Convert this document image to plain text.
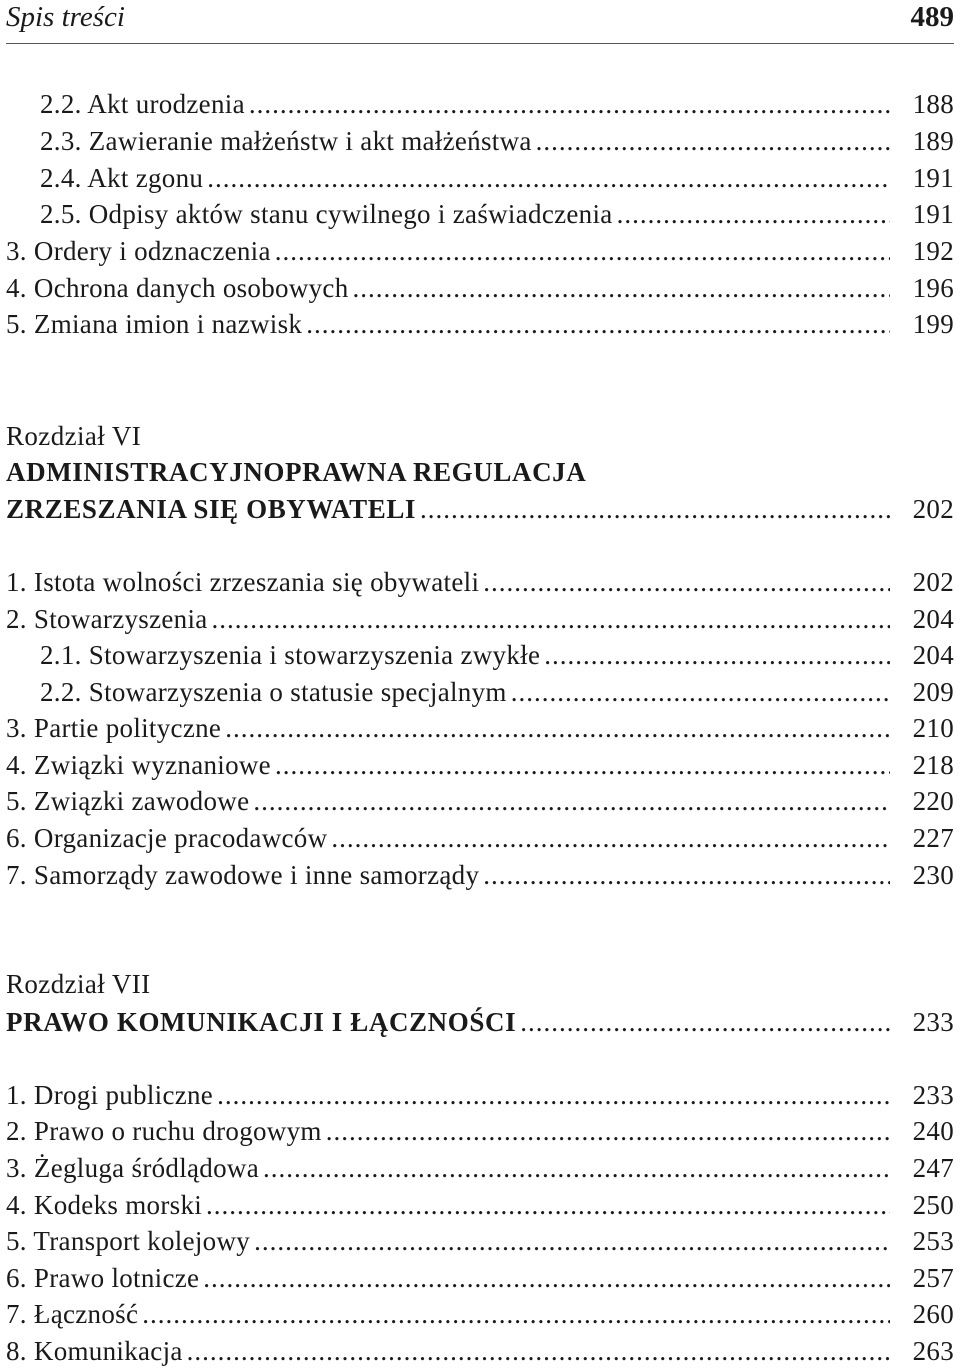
Spis treści	489
2.2. Akt urodzenia .....	188
2.3. Zawieranie małżeństw i akt małżeństwa .....	189
2.4. Akt zgonu .....	191
2.5. Odpisy aktów stanu cywilnego i zaświadczenia .....	191
3. Ordery i odznaczenia .....	192
4. Ochrona danych osobowych .....	196
5. Zmiana imion i nazwisk .....	199
Rozdział VI
ADMINISTRACYJNOPRAWNA REGULACJA
ZRZESZANIA SIĘ OBYWATELI .....	202
1. Istota wolności zrzeszania się obywateli .....	202
2. Stowarzyszenia .....	204
2.1. Stowarzyszenia i stowarzyszenia zwykłe .....	204
2.2. Stowarzyszenia o statusie specjalnym .....	209
3. Partie polityczne .....	210
4. Związki wyznaniowe .....	218
5. Związki zawodowe .....	220
6. Organizacje pracodawców .....	227
7. Samorządy zawodowe i inne samorządy .....	230
Rozdział VII
PRAWO KOMUNIKACJI I ŁĄCZNOŚCI .....	233
1. Drogi publiczne .....	233
2. Prawo o ruchu drogowym .....	240
3. Żegluga śródlądowa .....	247
4. Kodeks morski .....	250
5. Transport kolejowy .....	253
6. Prawo lotnicze .....	257
7. Łączność .....	260
8. Komunikacja .....	263
